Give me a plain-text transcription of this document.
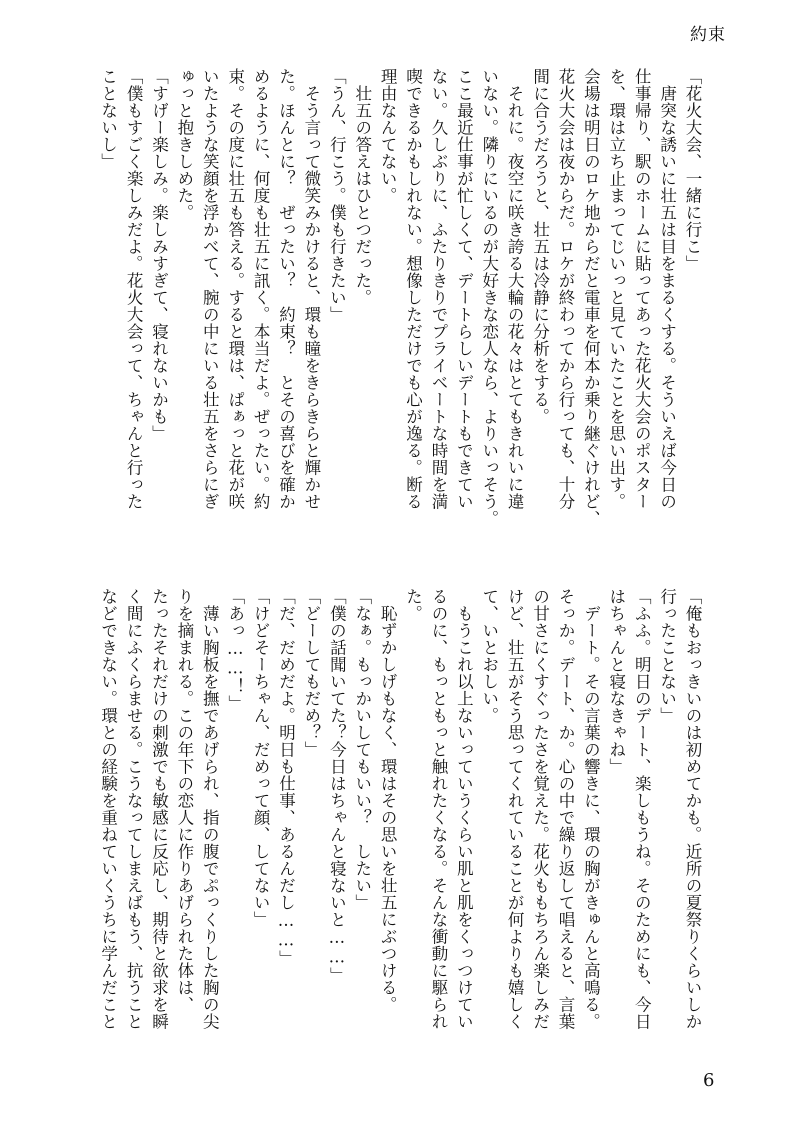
約束
「花火大会、一緒に行こ」
　唐突な誘いに壮五は目をまるくする。そういえば今日の
仕事帰り、駅のホームに貼ってあった花火大会のポスター
を、環は立ち止まってじいっと見ていたことを思い出す。
会場は明日のロケ地からだと電車を何本か乗り継ぐけれど、
花火大会は夜からだ。ロケが終わってから行っても、十分
間に合うだろうと、壮五は冷静に分析をする。
　それに。夜空に咲き誇る大輪の花々はとてもきれいに違
いない。隣りにいるのが大好きな恋人なら、よりいっそう。
ここ最近仕事が忙しくて、デートらしいデートもできてい
ない。久しぶりに、ふたりきりでプライベートな時間を満
喫できるかもしれない。想像しただけでも心が逸る。断る
理由なんてない。
　壮五の答えはひとつだった。
「うん、行こう。僕も行きたい」
　そう言って微笑みかけると、環も瞳をきらきらと輝かせ
た。ほんとに？　ぜったい？　約束？　とその喜びを確か
めるように、何度も壮五に訊く。本当だよ。ぜったい。約
束。その度に壮五も答える。すると環は、ぱぁっと花が咲
いたような笑顔を浮かべて、腕の中にいる壮五をさらにぎ
ゅっと抱きしめた。
「すげー楽しみ。楽しみすぎて、寝れないかも」
「僕もすごく楽しみだよ。花火大会って、ちゃんと行った
ことないし」
「俺もおっきいのは初めてかも。近所の夏祭りくらいしか
行ったことない」
「ふふ。明日のデート、楽しもうね。そのためにも、今日
はちゃんと寝なきゃね」
　デート。その言葉の響きに、環の胸がきゅんと高鳴る。
そっか。デート、か。心の中で繰り返して唱えると、言葉
の甘さにくすぐったさを覚えた。花火ももちろん楽しみだ
けど、壮五がそう思ってくれていることが何よりも嬉しく
て、いとおしい。
　もうこれ以上ないっていうくらい肌と肌をくっつけてい
るのに、もっともっと触れたくなる。そんな衝動に駆られ
た。
　恥ずかしげもなく、環はその思いを壮五にぶつける。
「なぁ。もっかいしてもいい？　したい」
「僕の話聞いてた？今日はちゃんと寝ないと……」
「どーしてもだめ？」
「だ、だめだよ。明日も仕事、あるんだし……」
「けどそーちゃん、だめって顔、してない」
「あっ……！」
　薄い胸板を撫であげられ、指の腹でぷっくりした胸の尖
りを摘まれる。この年下の恋人に作りあげられた体は、
たったそれだけの刺激でも敏感に反応し、期待と欲求を瞬
く間にふくらませる。こうなってしまえばもう、抗うこと
などできない。環との経験を重ねていくうちに学んだこと
6
